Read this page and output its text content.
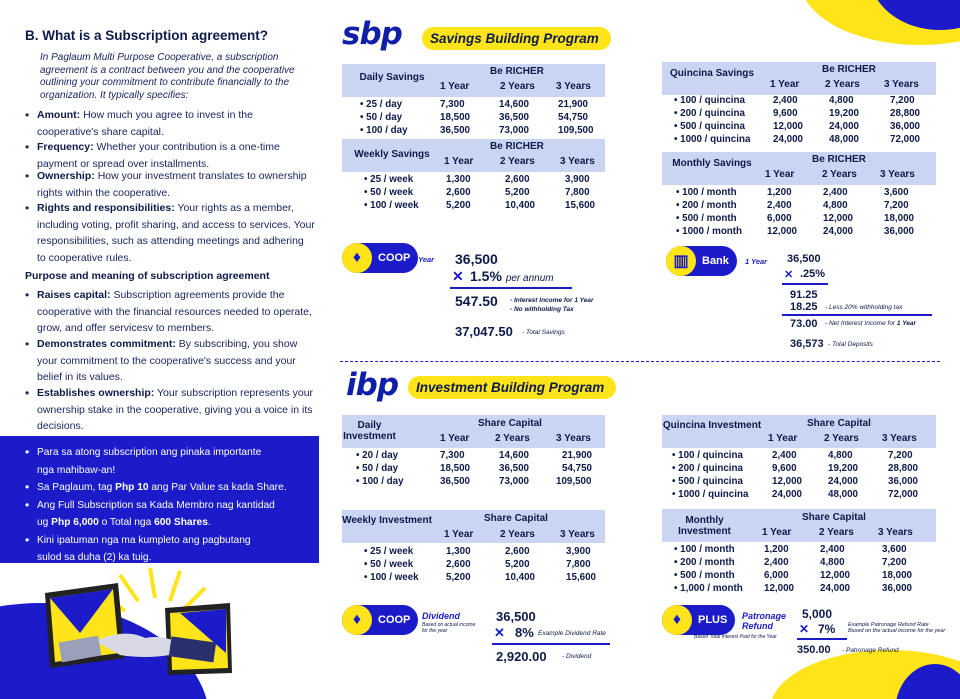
B. What is a Subscription agreement?
In Paglaum Multi Purpose Cooperative, a subscription agreement is a contract between you and the cooperative outlining your commitment to contribute financially to the organization. It typically specifies:
• Amount: How much you agree to invest in the cooperative's share capital.
• Frequency: Whether your contribution is a one-time payment or spread over installments.
• Ownership: How your investment translates to ownership rights within the cooperative.
• Rights and responsibilities: Your rights as a member, including voting, profit sharing, and access to services. Your responsibilities, such as attending meetings and adhering to cooperative rules.
Purpose and meaning of subscription agreement
• Raises capital: Subscription agreements provide the cooperative with the financial resources needed to operate, grow, and offer servicesv to members.
• Demonstrates commitment: By subscribing, you show your commitment to the cooperative's success and your belief in its values.
• Establishes ownership: Your subscription represents your ownership stake in the cooperative, giving you a voice in its decisions.
• Para sa atong subscription ang pinaka importante
nga mahibaw-an!
• Sa Paglaum, tag Php 10 ang Par Value sa kada Share.
• Ang Full Subscription sa Kada Membro nag kantidad
ug Php 6,000 o Total nga 600 Shares.
• Kini ipatuman nga ma kumpleto ang pagbutang
sulod sa duha (2) ka tuig.
sbp	Savings Building Program
Daily Savings
Be RICHER
1 Year	2 Years 3 Years
• 25 / day	7,300	14,600	21,900
• 50 / day	18,500	36,500	54,750
• 100 / day	36,500	73,000	109,500
Weekly Savings
Be RICHER
1 Year	2 Years	3 Years
• 25 / week	1,300	2,600	3,900
• 50 / week	2,600	5,200	7,800
• 100 / week	5,200	10,400	15,600
Quincina Savings	Be RICHER
1 Year	2 Years 3 Years
• 100 / quincina	2,400	4,800	7,200
• 200 / quincina	9,600	19,200	28,800
• 500 / quincina	12,000	24,000	36,000
• 1000 / quincina 24,000	48,000	72,000
Monthly Savings	Be RICHER
1 Year	2 Years 3 Years
• 100 / month	1,200	2,400	3,600
• 200 / month	2,400	4,800	7,200
• 500 / month	6,000	12,000	18,000
• 1000 / month	12,000	24,000	36,000
♦	COOP 1 Year 36,500
✕ 1.5% per annum
547.50 - Interest Income for 1 Year
- No withholding Tax
37,047.50 - Total Savings
▥	Bank 1 Year 36,500
✕ .25%
91.25
18.25 - Less 20% withholding tax
73.00 - Net Interest Income for 1 Year
36,573 - Total Deposits
ibp	Investment Building Program
Daily Investment
Share Capital
1 Year	2 Years	3 Years
• 20 / day	7,300	14,600	21,900
• 50 / day	18,500	36,500	54,750
• 100 / day	36,500	73,000	109,500
Weekly Investment	Share Capital
1 Year	2 Years	3 Years
• 25 / week	1,300	2,600	3,900
• 50 / week	2,600	5,200	7,800
• 100 / week	5,200	10,400	15,600
Quincina Investment	Share Capital
1 Year	2 Years 3 Years
• 100 / quincina	2,400	4,800	7,200
• 200 / quincina	9,600	19,200	28,800
• 500 / quincina	12,000	24,000	36,000
• 1000 / quincina 24,000	48,000	72,000
Monthly Investment
Share Capital
1 Year	2 Years 3 Years
• 100 / month	1,200	2,400	3,600
• 200 / month	2,400	4,800	7,200
• 500 / month	6,000	12,000	18,000
• 1,000 / month 12,000	24,000	36,000
♦	COOP Dividend
Based on actual income for the year
36,500
✕ 8% Example Dividend Rate
2,920.00 - Dividend
♦	PLUS Patronage Refund
Based Total Interest Paid for the Year
5,000
✕ 7% Example Patronage Refund Rate
Based on the actual income for the year
350.00 - Patronage Refund
